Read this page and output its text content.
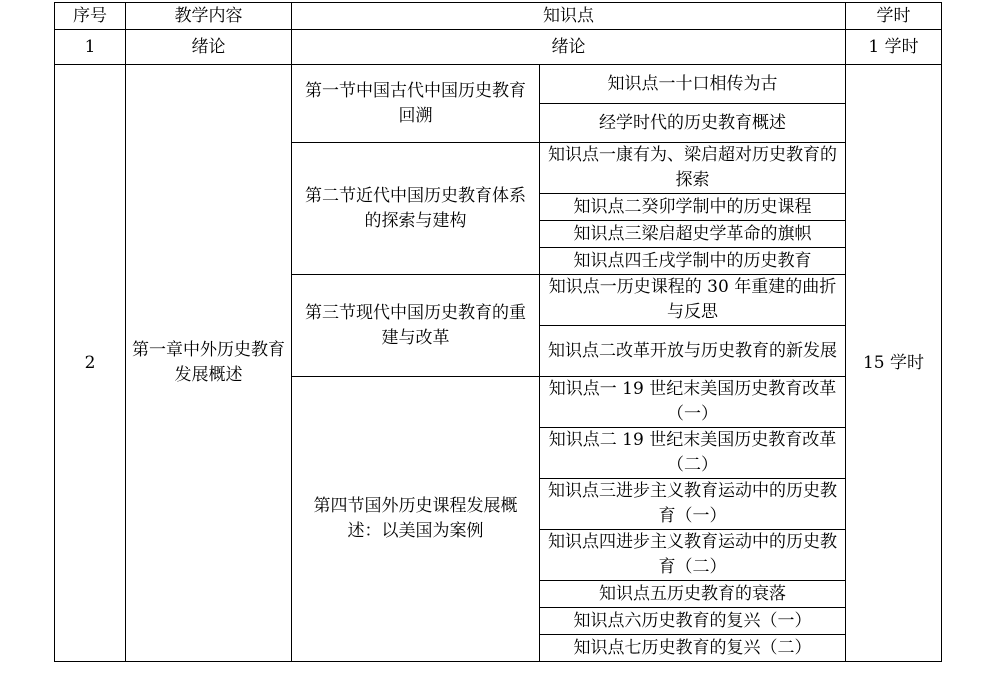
序号	教学内容	知识点		学时
1	绪论	绪论		1 学时
2	第一章中外历史教育发展概述	第一节中国古代中国历史教育回溯	知识点一十口相传为古	15 学时
			经学时代的历史教育概述	
		第二节近代中国历史教育体系的探索与建构	知识点一康有为、梁启超对历史教育的探索	
			知识点二癸卯学制中的历史课程	
			知识点三梁启超史学革命的旗帜	
			知识点四壬戌学制中的历史教育	
		第三节现代中国历史教育的重建与改革	知识点一历史课程的 30 年重建的曲折与反思	
			知识点二改革开放与历史教育的新发展	
		第四节国外历史课程发展概述：以美国为案例	知识点一 19 世纪末美国历史教育改革（一）	
			知识点二 19 世纪末美国历史教育改革（二）	
			知识点三进步主义教育运动中的历史教育（一）	
			知识点四进步主义教育运动中的历史教育（二）	
			知识点五历史教育的衰落	
			知识点六历史教育的复兴（一）	
			知识点七历史教育的复兴（二）	
